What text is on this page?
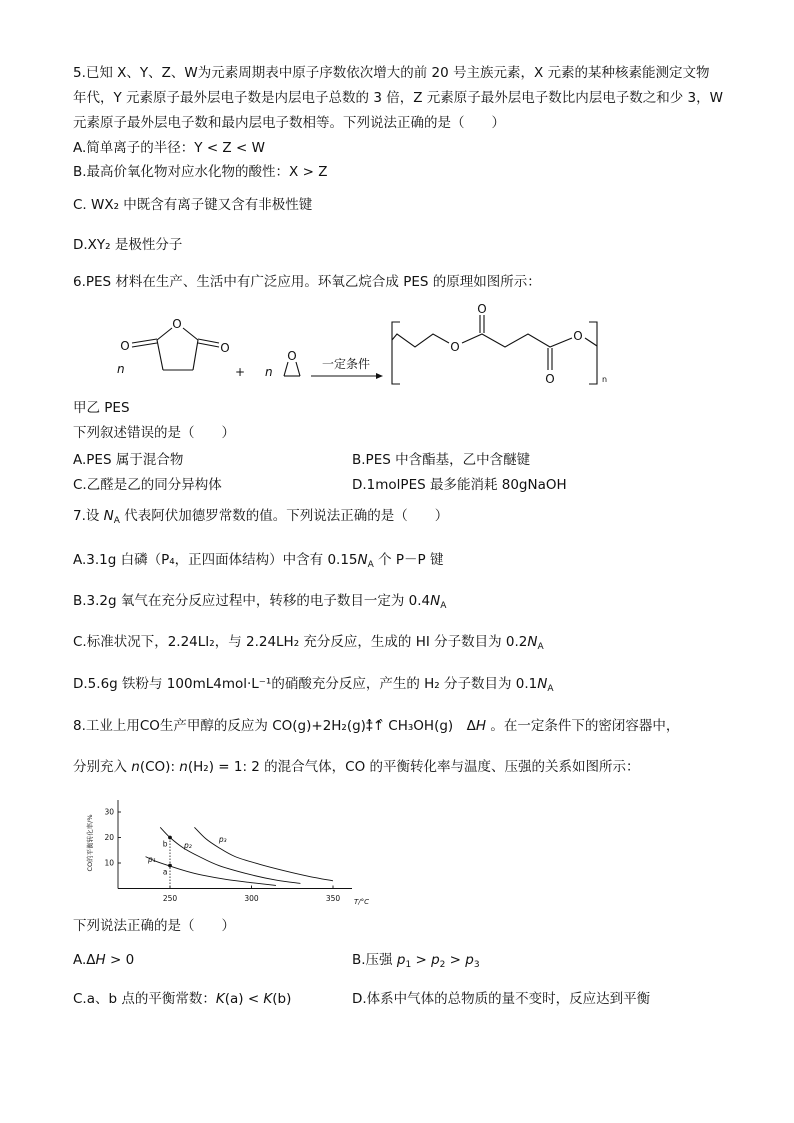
5.已知 X、Y、Z、W为元素周期表中原子序数依次增大的前 20 号主族元素，X 元素的某种核素能测定文物
年代，Y 元素原子最外层电子数是内层电子总数的 3 倍，Z 元素原子最外层电子数比内层电子数之和少 3，W
元素原子最外层电子数和最内层电子数相等。下列说法正确的是（　　）
A.简单离子的半径：Y < Z < W
B.最高价氧化物对应水化物的酸性：X > Z
C. WX₂ 中既含有离子键又含有非极性键
D.XY₂ 是极性分子
6.PES 材料在生产、生活中有广泛应用。环氧乙烷合成 PES 的原理如图所示：
n
O
O	O
+ n
O
一定条件
O
O
O
O
n
甲乙 PES
下列叙述错误的是（　　）
A.PES 属于混合物	B.PES 中含酯基，乙中含醚键
C.乙醛是乙的同分异构体	D.1molPES 最多能消耗 80gNaOH
7.设 $N_A$ 代表阿伏加德罗常数的值。下列说法正确的是（　　）
A.3.1g 白磷（P₄，正四面体结构）中含有 $0.15N_A$ 个 P－P 键
B.3.2g 氧气在充分反应过程中，转移的电子数目一定为 $0.4N_A$
C.标准状况下，2.24LI₂，与 2.24LH₂ 充分反应，生成的 HI 分子数目为 $0.2N_A$
D.5.6g 铁粉与 100mL4mol·L⁻¹的硝酸充分反应，产生的 H₂ 分子数目为 $0.1N_A$
8.工业上用CO生产甲醇的反应为 CO(g)+2H₂(g)‡̂↑̂ CH₃OH(g)　ΔH 。在一定条件下的密闭容器中，
分别充入 n(CO): n(H₂) = 1: 2 的混合气体，CO 的平衡转化率与温度、压强的关系如图所示：
10
20
30
250	300	350
CO的平衡转化率/%
T/°C
p₁
p₂
p₃
a
b
下列说法正确的是（　　）
A.ΔH > 0	B.压强 $p_1 > p_2 > p_3$
C.a、b 点的平衡常数：K(a) < K(b)	D.体系中气体的总物质的量不变时，反应达到平衡
